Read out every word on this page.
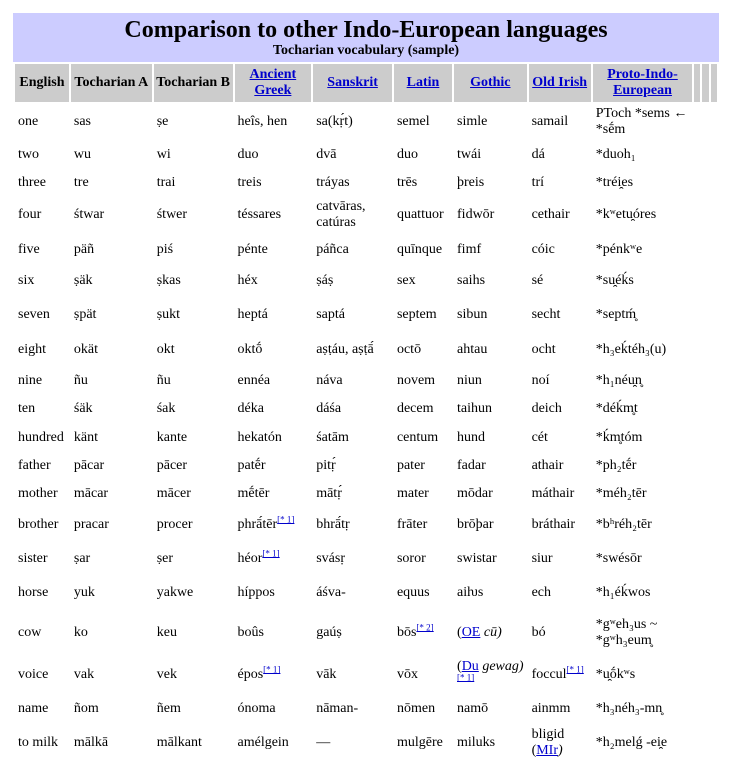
Comparison to other Indo-European languages
Tocharian vocabulary (sample)
English	Tocharian A	Tocharian B	Ancient Greek	Sanskrit	Latin	Gothic	Old Irish	Proto-Indo-European			
one	sas	ṣe	heîs, hen	sa(kṛ́t)	semel	simle	samail	PToch *sems ← *sḗm			
two	wu	wi	duo	dvā	duo	twái	dá	*duoh₁			
three	tre	trai	treis	tráyas	trēs	þreis	trí	*tréi̯es			
four	śtwar	śtwer	téssares	catvāras, catúras	quattuor	fidwōr	cethair	*kʷetu̯óres			
five	päñ	piś	pénte	páñca	quīnque	fimf	cóic	*pénkʷe			
six	ṣäk	ṣkas	héx	ṣáṣ	sex	saihs	sé	*su̯éḱs			
seven	ṣpät	ṣukt	heptá	saptá	septem	sibun	secht	*septḿ̥			
eight	okät	okt	oktṓ	aṣṭáu, aṣṭā́	octō	ahtau	ocht	*h₃eḱtéh₃(u)			
nine	ñu	ñu	ennéa	náva	novem	niun	noí	*h₁néu̯n̥			
ten	śäk	śak	déka	dáśa	decem	taihun	deich	*déḱm̥t			
hundred	känt	kante	hekatón	śatām	centum	hund	cét	*ḱm̥tóm			
father	pācar	pācer	patḗr	pitṛ́	pater	fadar	athair	*ph₂tḗr			
mother	mācar	mācer	mḗtēr	mātṛ́	mater	mōdar	máthair	*méh₂tēr			
brother	pracar	procer	phrā́tēr[* 1]	bhrā́tṛ	frāter	brōþar	bráthair	*bʰréh₂tēr			
sister	ṣar	ṣer	héor[* 1]	svásṛ	soror	swistar	siur	*swésōr			
horse	yuk	yakwe	híppos	áśva-	equus	aiƕs	ech	*h₁éḱwos			
cow	ko	keu	boûs	gaúṣ	bōs[* 2]	(OE cū)	bó	*gʷeh₃us ~ *gʷh₃eum̥			
voice	vak	vek	épos[* 1]	vāk	vōx	(Du gewag)[* 1]	foccul[* 1]	*u̯ṓkʷs			
name	ñom	ñem	ónoma	nāman-	nōmen	namō	ainmm	*h₃néh₃-mn̥			
to milk	mālkā	mālkant	amélgein	—	mulgēre	miluks	bligid (MIr)	*h₂melǵ -ei̯e			
